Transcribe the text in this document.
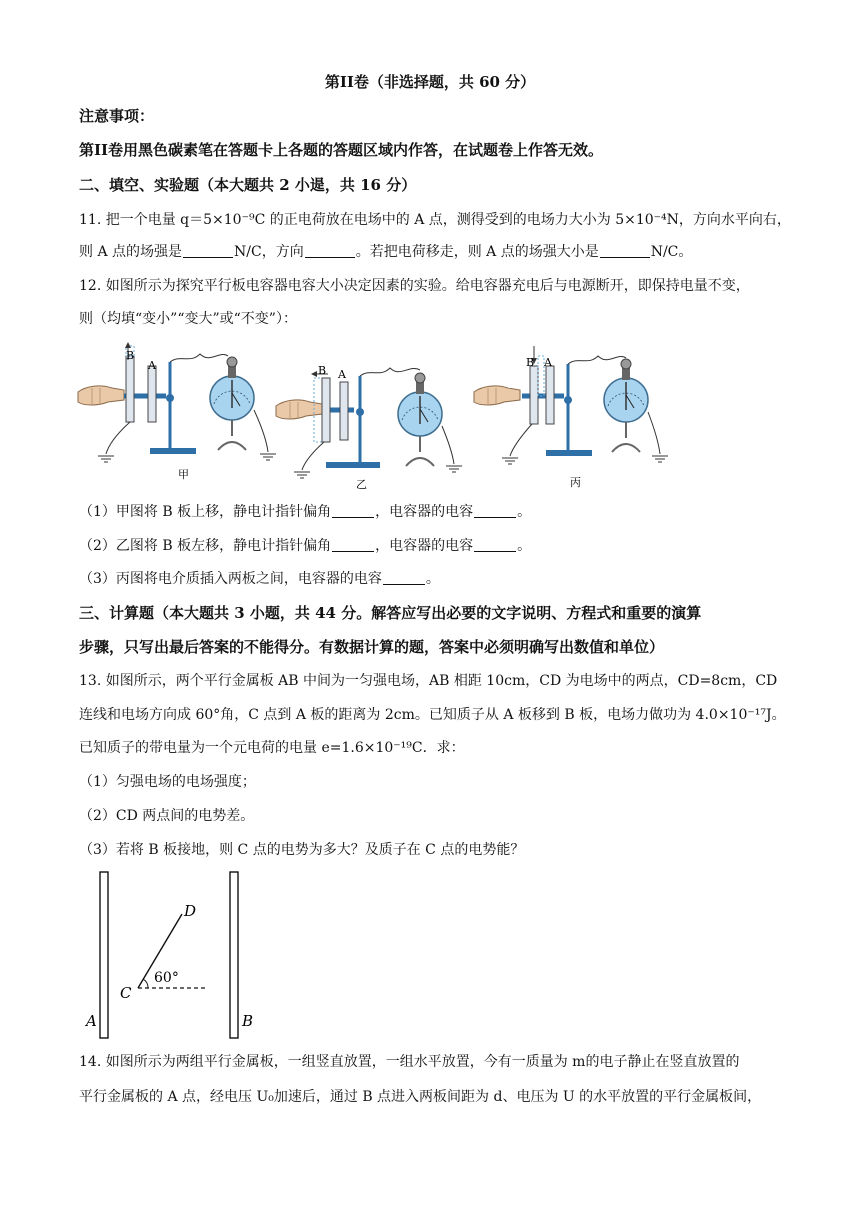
第II卷（非选择题，共 60 分）
注意事项：
第II卷用黑色碳素笔在答题卡上各题的答题区域内作答，在试题卷上作答无效。
二、填空、实验题（本大题共 2 小遈，共 16 分）
11. 把一个电量 q＝5×10⁻⁹C 的正电荷放在电场中的 A 点，测得受到的电场力大小为 5×10⁻⁴N，方向水平向右，
则 A 点的场强是	N/C，方向	。若把电荷移走，则 A 点的场强大小是	N/C。
12. 如图所示为探究平行板电容器电容大小决定因素的实验。给电容器充电后与电源断开，即保持电量不变，
则（均填“变小”“变大”或“不变”）：
B
A
甲
B A
乙
B A
丙
（1）甲图将 B 板上移，静电计指针偏角	，电容器的电容	。
（2）乙图将 B 板左移，静电计指针偏角	，电容器的电容	。
（3）丙图将电介质插入两板之间，电容器的电容	。
三、计算题（本大题共 3 小题，共 44 分。解答应写出必要的文字说明、方程式和重要的演算
步骤，只写出最后答案的不能得分。有数据计算的题，答案中必须明确写出数值和单位）
13. 如图所示，两个平行金属板 AB 中间为一匀强电场，AB 相距 10cm，CD 为电场中的两点，CD=8cm，CD
连线和电场方向成 60°角，C 点到 A 板的距离为 2cm。已知质子从 A 板移到 B 板，电场力做功为 4.0×10⁻¹⁷J。
已知质子的带电量为一个元电荷的电量 e=1.6×10⁻¹⁹C．求：
（1）匀强电场的电场强度；
（2）CD 两点间的电势差。
（3）若将 B 板接地，则 C 点的电势为多大？及质子在 C 点的电势能？
A	B
C
D
60°
14. 如图所示为两组平行金属板，一组竖直放置，一组水平放置，今有一质量为 m的电子静止在竖直放置的
平行金属板的 A 点，经电压 U₀加速后，通过 B 点进入两板间距为 d、电压为 U 的水平放置的平行金属板间，
